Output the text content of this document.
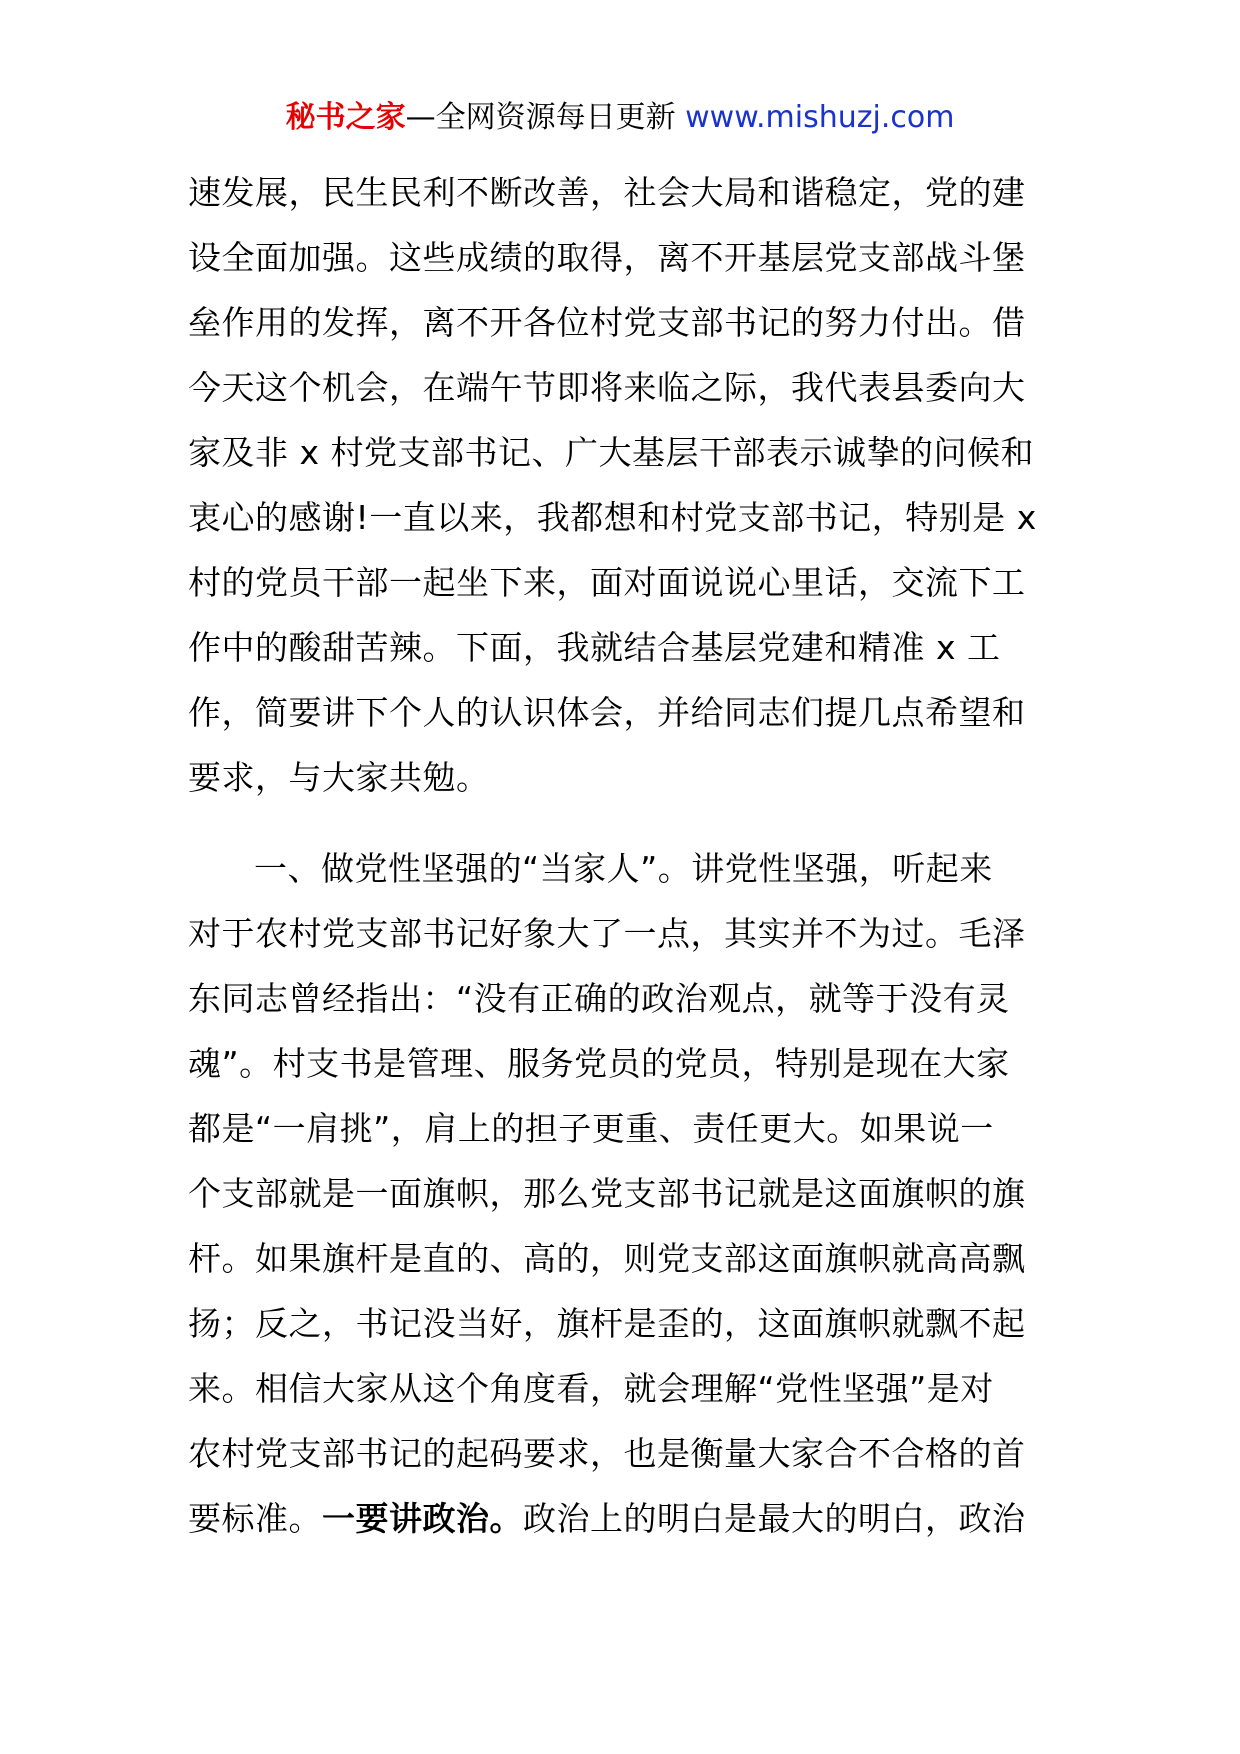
秘书之家—全网资源每日更新 www.mishuzj.com

速发展，民生民利不断改善，社会大局和谐稳定，党的建
设全面加强。这些成绩的取得，离不开基层党支部战斗堡
垒作用的发挥，离不开各位村党支部书记的努力付出。借
今天这个机会，在端午节即将来临之际，我代表县委向大
家及非 x 村党支部书记、广大基层干部表示诚挚的问候和
衷心的感谢!一直以来，我都想和村党支部书记，特别是 x
村的党员干部一起坐下来，面对面说说心里话，交流下工
作中的酸甜苦辣。下面，我就结合基层党建和精准 x 工
作，简要讲下个人的认识体会，并给同志们提几点希望和
要求，与大家共勉。

一、做党性坚强的“当家人”。讲党性坚强，听起来
对于农村党支部书记好象大了一点，其实并不为过。毛泽
东同志曾经指出：“没有正确的政治观点，就等于没有灵
魂”。村支书是管理、服务党员的党员，特别是现在大家
都是“一肩挑”，肩上的担子更重、责任更大。如果说一
个支部就是一面旗帜，那么党支部书记就是这面旗帜的旗
杆。如果旗杆是直的、高的，则党支部这面旗帜就高高飘
扬；反之，书记没当好，旗杆是歪的，这面旗帜就飘不起
来。相信大家从这个角度看，就会理解“党性坚强”是对
农村党支部书记的起码要求，也是衡量大家合不合格的首
要标准。一要讲政治。政治上的明白是最大的明白，政治
